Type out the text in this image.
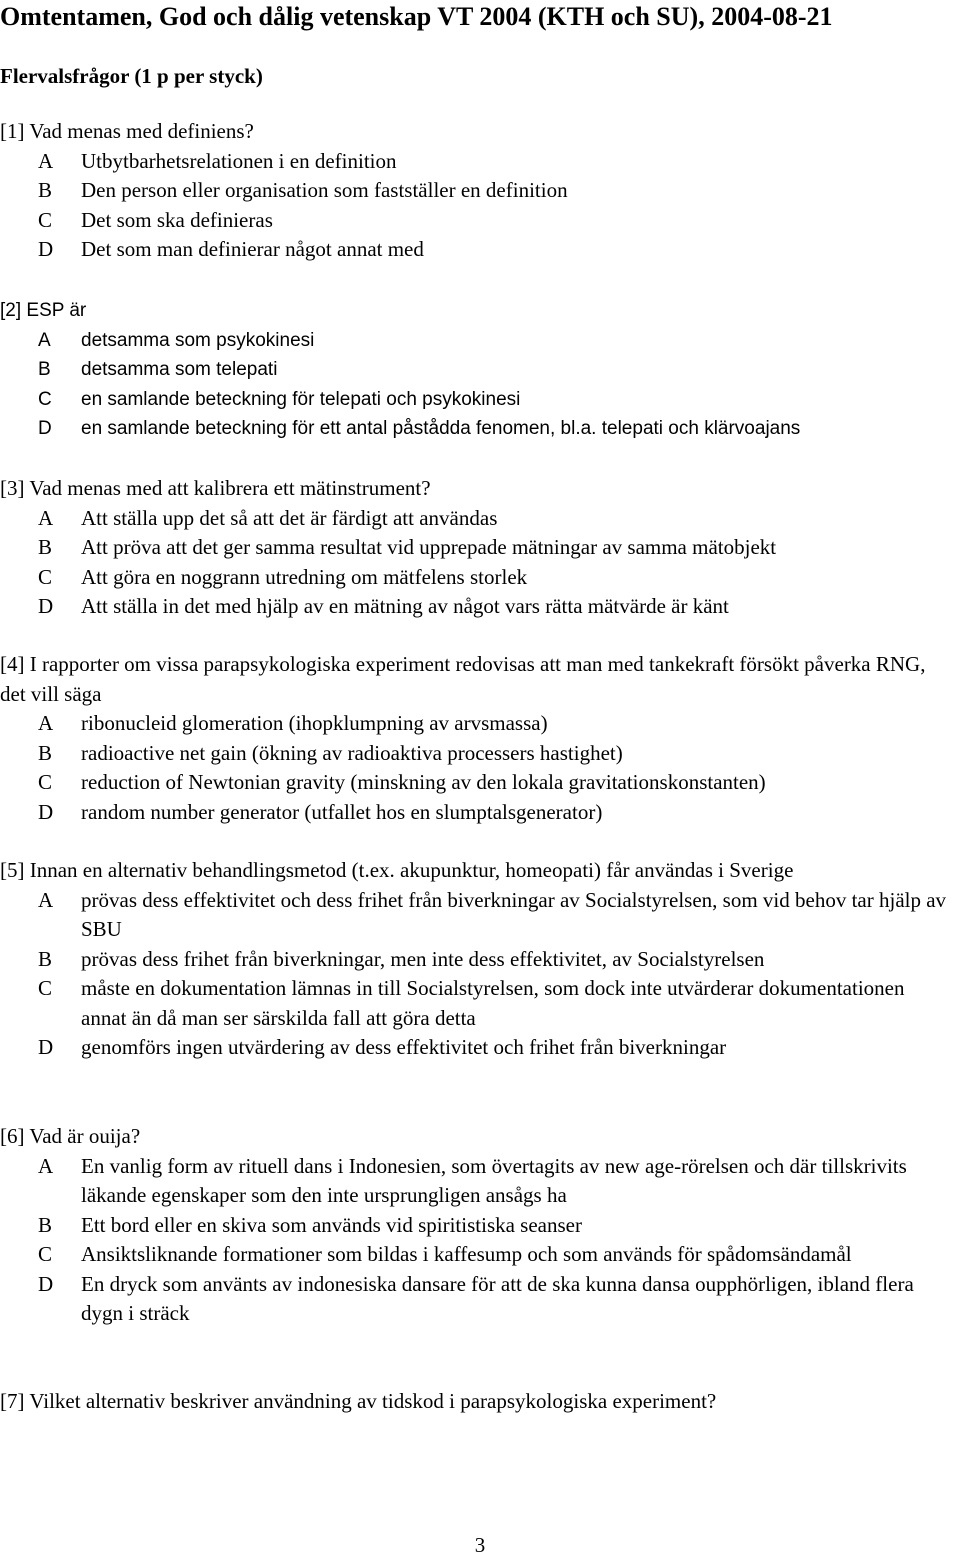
Omtentamen, God och dålig vetenskap VT 2004 (KTH och SU), 2004-08-21
Flervalsfrågor (1 p per styck)

[1] Vad menas med definiens?

A	Utbytbarhetsrelationen i en definition
B	Den person eller organisation som fastställer en definition
C	Det som ska definieras
D	Det som man definierar något annat med

[2] ESP är

A	detsamma som psykokinesi
B	detsamma som telepati
C	en samlande beteckning för telepati och psykokinesi
D	en samlande beteckning för ett antal påstådda fenomen, bl.a. telepati och klärvoajans

[3] Vad menas med att kalibrera ett mätinstrument?

A	Att ställa upp det så att det är färdigt att användas
B	Att pröva att det ger samma resultat vid upprepade mätningar av samma mätobjekt
C	Att göra en noggrann utredning om mätfelens storlek
D	Att ställa in det med hjälp av en mätning av något vars rätta mätvärde är känt

[4] I rapporter om vissa parapsykologiska experiment redovisas att man med tankekraft försökt påverka RNG, det vill säga

A	ribonucleid glomeration (ihopklumpning av arvsmassa)
B	radioactive net gain (ökning av radioaktiva processers hastighet)
C	reduction of Newtonian gravity (minskning av den lokala gravitationskonstanten)
D	random number generator (utfallet hos en slumptalsgenerator)

[5] Innan en alternativ behandlingsmetod (t.ex. akupunktur, homeopati) får användas i Sverige

A	prövas dess effektivitet och dess frihet från biverkningar av Socialstyrelsen, som vid behov tar hjälp av SBU
B	prövas dess frihet från biverkningar, men inte dess effektivitet, av Socialstyrelsen
C	måste en dokumentation lämnas in till Socialstyrelsen, som dock inte utvärderar dokumentationen annat än då man ser särskilda fall att göra detta
D	genomförs ingen utvärdering av dess effektivitet och frihet från biverkningar

[6] Vad är ouija?

A	En vanlig form av rituell dans i Indonesien, som övertagits av new age-rörelsen och där tillskrivits läkande egenskaper som den inte ursprungligen ansågs ha
B	Ett bord eller en skiva som används vid spiritistiska seanser
C	Ansiktsliknande formationer som bildas i kaffesump och som används för spådomsändamål
D	En dryck som använts av indonesiska dansare för att de ska kunna dansa oupphörligen, ibland flera dygn i sträck

[7] Vilket alternativ beskriver användning av tidskod i parapsykologiska experiment?

3
